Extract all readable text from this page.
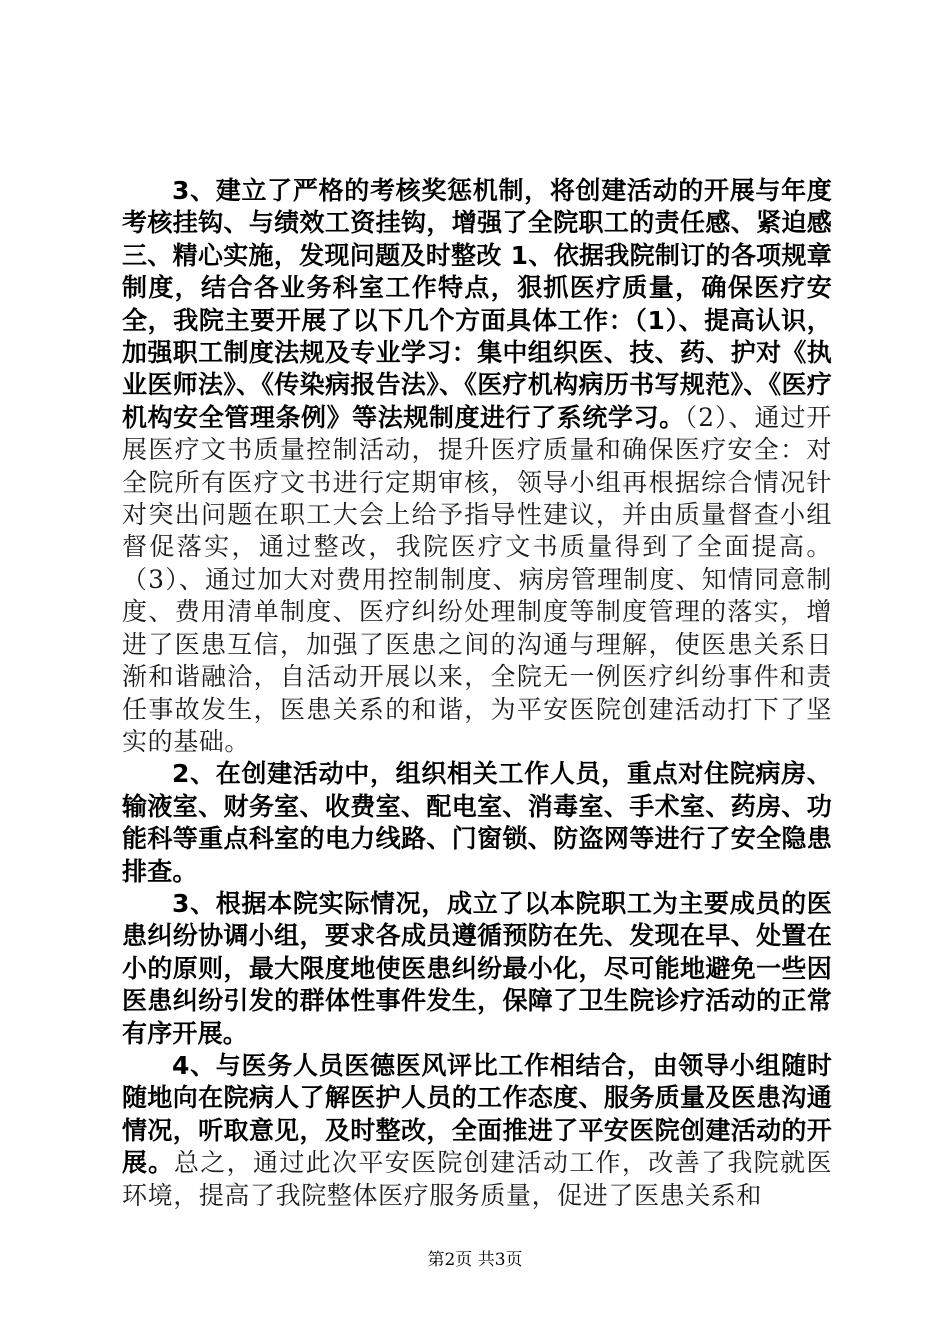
3、建立了严格的考核奖惩机制，将创建活动的开展与年度考核挂钩、与绩效工资挂钩，增强了全院职工的责任感、紧迫感三、精心实施，发现问题及时整改 1、依据我院制订的各项规章制度，结合各业务科室工作特点，狠抓医疗质量，确保医疗安全，我院主要开展了以下几个方面具体工作：（1）、提高认识，加强职工制度法规及专业学习：集中组织医、技、药、护对《执业医师法》、《传染病报告法》、《医疗机构病历书写规范》、《医疗机构安全管理条例》等法规制度进行了系统学习。（2）、通过开展医疗文书质量控制活动，提升医疗质量和确保医疗安全：对全院所有医疗文书进行定期审核，领导小组再根据综合情况针对突出问题在职工大会上给予指导性建议，并由质量督查小组督促落实，通过整改，我院医疗文书质量得到了全面提高。（3）、通过加大对费用控制制度、病房管理制度、知情同意制度、费用清单制度、医疗纠纷处理制度等制度管理的落实，增进了医患互信，加强了医患之间的沟通与理解，使医患关系日渐和谐融洽，自活动开展以来，全院无一例医疗纠纷事件和责任事故发生，医患关系的和谐，为平安医院创建活动打下了坚实的基础。

2、在创建活动中，组织相关工作人员，重点对住院病房、输液室、财务室、收费室、配电室、消毒室、手术室、药房、功能科等重点科室的电力线路、门窗锁、防盗网等进行了安全隐患排查。

3、根据本院实际情况，成立了以本院职工为主要成员的医患纠纷协调小组，要求各成员遵循预防在先、发现在早、处置在小的原则，最大限度地使医患纠纷最小化，尽可能地避免一些因医患纠纷引发的群体性事件发生，保障了卫生院诊疗活动的正常有序开展。

4、与医务人员医德医风评比工作相结合，由领导小组随时随地向在院病人了解医护人员的工作态度、服务质量及医患沟通情况，听取意见，及时整改，全面推进了平安医院创建活动的开展。总之，通过此次平安医院创建活动工作，改善了我院就医环境，提高了我院整体医疗服务质量，促进了医患关系和

第2页 共3页
